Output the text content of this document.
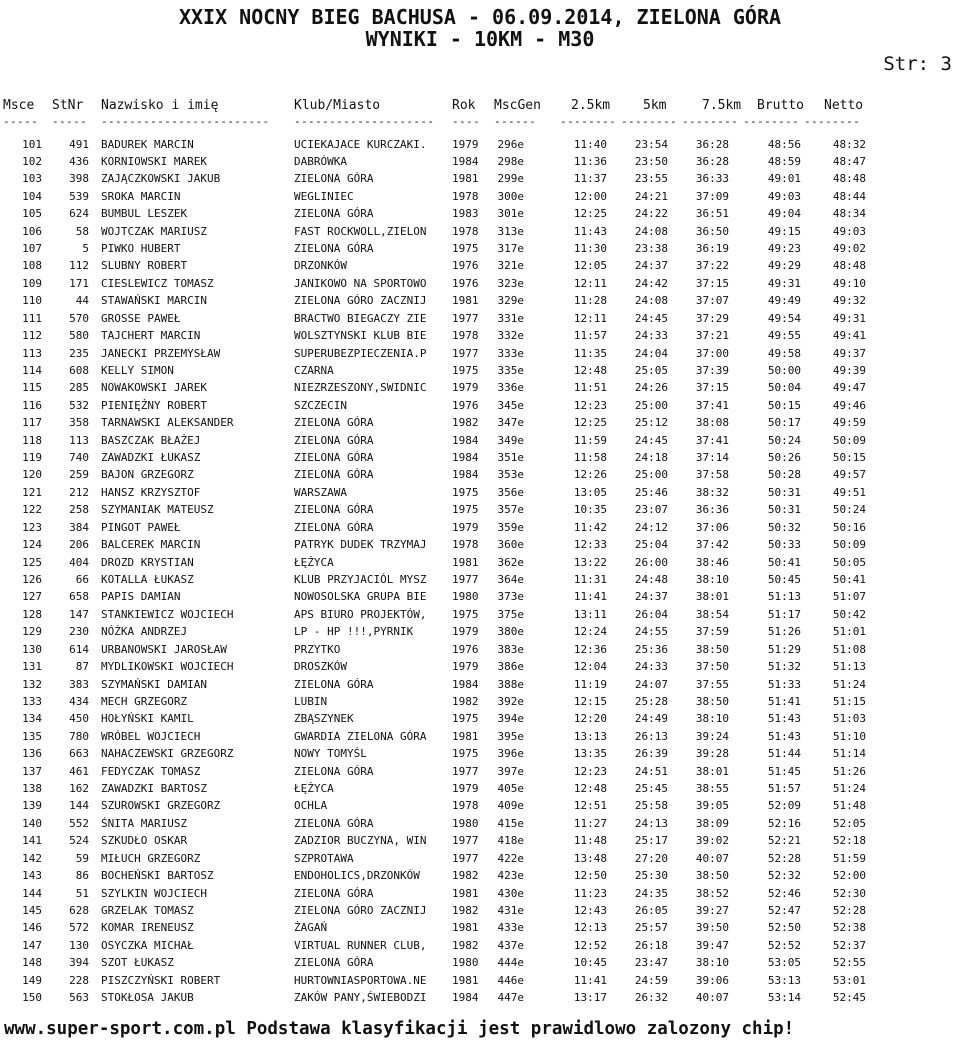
XXIX NOCNY BIEG BACHUSA - 06.09.2014, ZIELONA GÓRA
WYNIKI - 10KM - M30
Str: 3
Msce StNr Nazwisko i imię	Klub/Miasto	Rok MscGen 2.5km	5km	7.5km Brutto Netto
----- ----- ------------------------ -------------------- ---- ------ -------- -------- -------- -------- --------
101 491 BADUREK MARCIN	UCIEKAJACE KURCZAKI. 1979 296e	11:40	23:54	36:28	48:56	48:32
102 436 KORNIOWSKI MAREK	DABRÓWKA	1984 298e	11:36	23:50	36:28	48:59	48:47
103 398 ZAJĄCZKOWSKI JAKUB	ZIELONA GÓRA	1981 299e	11:37	23:55	36:33	49:01	48:48
104 539 SROKA MARCIN	WEGLINIEC	1978 300e	12:00	24:21	37:09	49:03	48:44
105 624 BUMBUL LESZEK	ZIELONA GÓRA	1983 301e	12:25	24:22	36:51	49:04	48:34
106	58 WOJTCZAK MARIUSZ	FAST ROCKWOLL,ZIELON 1978 313e	11:43	24:08	36:50	49:15	49:03
107	5 PIWKO HUBERT	ZIELONA GÓRA	1975 317e	11:30	23:38	36:19	49:23	49:02
108 112 SLUBNY ROBERT	DRZONKÓW	1976 321e	12:05	24:37	37:22	49:29	48:48
109 171 CIESLEWICZ TOMASZ	JANIKOWO NA SPORTOWO 1976 323e	12:11	24:42	37:15	49:31	49:10
110	44 STAWAŃSKI MARCIN	ZIELONA GÓRO ZACZNIJ 1981 329e	11:28	24:08	37:07	49:49	49:32
111 570 GROSSE PAWEŁ	BRACTWO BIEGACZY ZIE 1977 331e	12:11	24:45	37:29	49:54	49:31
112 580 TAJCHERT MARCIN	WOLSZTYNSKI KLUB BIE 1978 332e	11:57	24:33	37:21	49:55	49:41
113 235 JANECKI PRZEMYSŁAW	SUPERUBEZPIECZENIA.P 1977 333e	11:35	24:04	37:00	49:58	49:37
114 608 KELLY SIMON	CZARNA	1975 335e	12:48	25:05	37:39	50:00	49:39
115 285 NOWAKOWSKI JAREK	NIEZRZESZONY,SWIDNIC 1979 336e	11:51	24:26	37:15	50:04	49:47
116 532 PIENIĘŻNY ROBERT	SZCZECIN	1976 345e	12:23	25:00	37:41	50:15	49:46
117 358 TARNAWSKI ALEKSANDER	ZIELONA GÓRA	1982 347e	12:25	25:12	38:08	50:17	49:59
118 113 BASZCZAK BŁAŻEJ	ZIELONA GÓRA	1984 349e	11:59	24:45	37:41	50:24	50:09
119 740 ZAWADZKI ŁUKASZ	ZIELONA GÓRA	1984 351e	11:58	24:18	37:14	50:26	50:15
120 259 BAJON GRZEGORZ	ZIELONA GÓRA	1984 353e	12:26	25:00	37:58	50:28	49:57
121 212 HANSZ KRZYSZTOF	WARSZAWA	1975 356e	13:05	25:46	38:32	50:31	49:51
122 258 SZYMANIAK MATEUSZ	ZIELONA GÓRA	1975 357e	10:35	23:07	36:36	50:31	50:24
123 384 PINGOT PAWEŁ	ZIELONA GÓRA	1979 359e	11:42	24:12	37:06	50:32	50:16
124 206 BALCEREK MARCIN	PATRYK DUDEK TRZYMAJ 1978 360e	12:33	25:04	37:42	50:33	50:09
125 404 DROZD KRYSTIAN	ŁĘŻYCA	1981 362e	13:22	26:00	38:46	50:41	50:05
126	66 KOTALLA ŁUKASZ	KLUB PRZYJACIÓL MYSZ 1977 364e	11:31	24:48	38:10	50:45	50:41
127 658 PAPIS DAMIAN	NOWOSOLSKA GRUPA BIE 1980 373e	11:41	24:37	38:01	51:13	51:07
128 147 STANKIEWICZ WOJCIECH	APS BIURO PROJEKTÓW, 1975 375e	13:11	26:04	38:54	51:17	50:42
129 230 NÓŻKA ANDRZEJ	LP - HP !!!,PYRNIK	1979 380e	12:24	24:55	37:59	51:26	51:01
130 614 URBANOWSKI JAROSŁAW	PRZYTKO	1976 383e	12:36	25:36	38:50	51:29	51:08
131	87 MYDLIKOWSKI WOJCIECH	DROSZKÓW	1979 386e	12:04	24:33	37:50	51:32	51:13
132 383 SZYMAŃSKI DAMIAN	ZIELONA GÓRA	1984 388e	11:19	24:07	37:55	51:33	51:24
133 434 MECH GRZEGORZ	LUBIN	1982 392e	12:15	25:28	38:50	51:41	51:15
134 450 HOŁYŃSKI KAMIL	ZBĄSZYNEK	1975 394e	12:20	24:49	38:10	51:43	51:03
135 780 WRÓBEL WOJCIECH	GWARDIA ZIELONA GÓRA 1981 395e	13:13	26:13	39:24	51:43	51:10
136 663 NAHACZEWSKI GRZEGORZ	NOWY TOMYŚL	1975 396e	13:35	26:39	39:28	51:44	51:14
137 461 FEDYCZAK TOMASZ	ZIELONA GÓRA	1977 397e	12:23	24:51	38:01	51:45	51:26
138 162 ZAWADZKI BARTOSZ	ŁĘŻYCA	1979 405e	12:48	25:45	38:55	51:57	51:24
139 144 SZUROWSKI GRZEGORZ	OCHLA	1978 409e	12:51	25:58	39:05	52:09	51:48
140 552 ŚNITA MARIUSZ	ZIELONA GÓRA	1980 415e	11:27	24:13	38:09	52:16	52:05
141 524 SZKUDŁO OSKAR	ZADZIOR BUCZYNA, WIN 1977 418e	11:48	25:17	39:02	52:21	52:18
142	59 MIŁUCH GRZEGORZ	SZPROTAWA	1977 422e	13:48	27:20	40:07	52:28	51:59
143	86 BOCHEŃSKI BARTOSZ	ENDOHOLICS,DRZONKÓW	1982 423e	12:50	25:30	38:50	52:32	52:00
144	51 SZYLKIN WOJCIECH	ZIELONA GÓRA	1981 430e	11:23	24:35	38:52	52:46	52:30
145 628 GRZELAK TOMASZ	ZIELONA GÓRO ZACZNIJ 1982 431e	12:43	26:05	39:27	52:47	52:28
146 572 KOMAR IRENEUSZ	ŻAGAŃ	1981 433e	12:13	25:57	39:50	52:50	52:38
147 130 OSYCZKA MICHAŁ	VIRTUAL RUNNER CLUB, 1982 437e	12:52	26:18	39:47	52:52	52:37
148 394 SZOT ŁUKASZ	ZIELONA GÓRA	1980 444e	10:45	23:47	38:10	53:05	52:55
149 228 PISZCZYŃSKI ROBERT	HURTOWNIASPORTOWA.NE 1981 446e	11:41	24:59	39:06	53:13	53:01
150 563 STOKŁOSA JAKUB	ZAKÓW PANY,ŚWIEBODZI 1984 447e	13:17	26:32	40:07	53:14	52:45
www.super-sport.com.pl Podstawa klasyfikacji jest prawidlowo zalozony chip!
